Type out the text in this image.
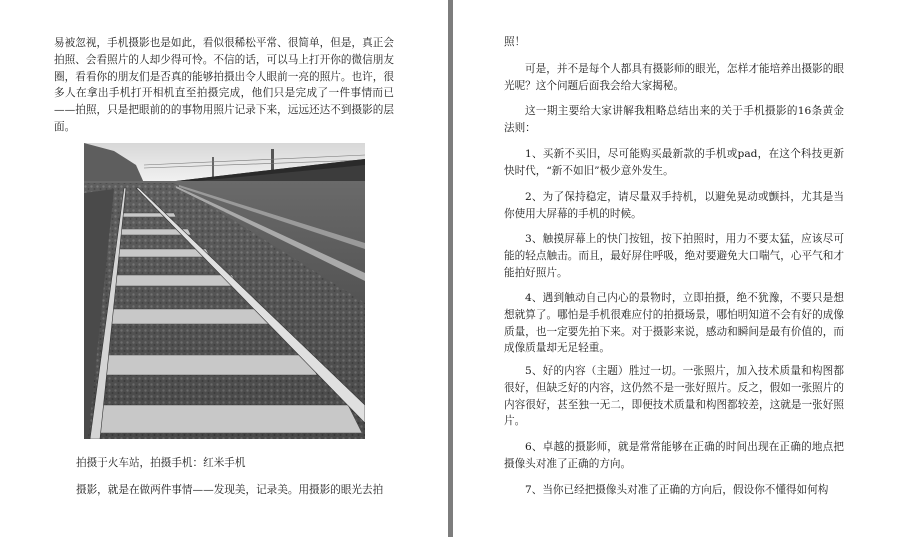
易被忽视，手机摄影也是如此，看似很稀松平常、很简单，但是，真正会拍照、会看照片的人却少得可怜。不信的话，可以马上打开你的微信朋友圈，看看你的朋友们是否真的能够拍摄出令人眼前一亮的照片。也许，很多人在拿出手机打开相机直至拍摄完成，他们只是完成了一件事情而已——拍照，只是把眼前的的事物用照片记录下来，远远还达不到摄影的层面。

拍摄于火车站，拍摄手机：红米手机

摄影，就是在做两件事情——发现美，记录美。用摄影的眼光去拍

照！

可是，并不是每个人都具有摄影师的眼光，怎样才能培养出摄影的眼光呢？这个问题后面我会给大家揭秘。

这一期主要给大家讲解我粗略总结出来的关于手机摄影的16条黄金法则：

1、买新不买旧，尽可能购买最新款的手机或pad，在这个科技更新快时代，“新不如旧”极少意外发生。

2、为了保持稳定，请尽量双手持机，以避免晃动或颤抖，尤其是当你使用大屏幕的手机的时候。

3、触摸屏幕上的快门按钮，按下拍照时，用力不要太猛，应该尽可能的轻点触击。而且，最好屏住呼吸，绝对要避免大口喘气，心平气和才能拍好照片。

4、遇到触动自己内心的景物时，立即拍摄，绝不犹豫，不要只是想想就算了。哪怕是手机很难应付的拍摄场景，哪怕明知道不会有好的成像质量，也一定要先拍下来。对于摄影来说，感动和瞬间是最有价值的，而成像质量却无足轻重。

5、好的内容（主题）胜过一切。一张照片，加入技术质量和构图都很好，但缺乏好的内容，这仍然不是一张好照片。反之，假如一张照片的内容很好，甚至独一无二，即便技术质量和构图都较差，这就是一张好照片。

6、卓越的摄影师，就是常常能够在正确的时间出现在正确的地点把摄像头对准了正确的方向。

7、当你已经把摄像头对准了正确的方向后，假设你不懂得如何构
